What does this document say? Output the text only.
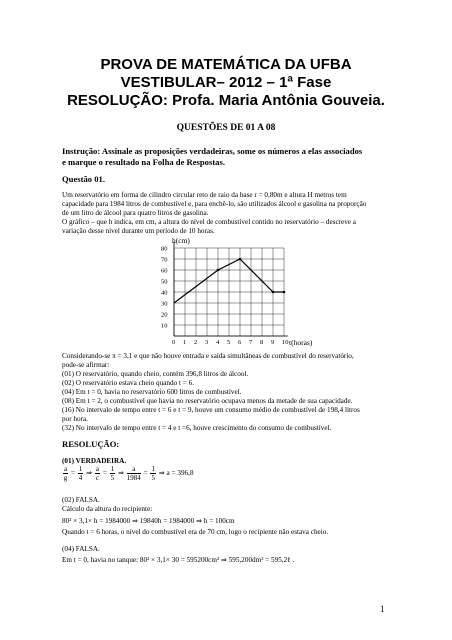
PROVA DE MATEMÁTICA DA UFBA
VESTIBULAR– 2012 – 1ª Fase
RESOLUÇÃO: Profa. Maria Antônia Gouveia.
QUESTÕES DE 01 A 08
Instrução: Assinale as proposições verdadeiras, some os números a elas associados
e marque o resultado na Folha de Respostas.
Questão 01.
Um reservatório em forma de cilindro circular reto de raio da base r = 0,80m e altura H metros tem
capacidade para 1984 litros de combustível e, para enchê-lo, são utilizados álcool e gasolina na proporção
de um litro de álcool para quatro litros de gasolina.
O gráfico – que h indica, em cm, a altura do nível de combustível contido no reservatório – descreve a
variação desse nível durante um período de 10 horas.
0 1 2 3 4 5 6 7 8 9 10
10
20
30
40
50
60
70
80
h(cm)
t(horas)
Considerando-se π = 3,1 e que não houve entrada e saída simultâneas de combustível do reservatório,
pode-se afirmar:
(01) O reservatório, quando cheio, contém 396,8 litros de álcool.
(02) O reservatório estava cheio quando t = 6.
(04) Em t = 0, havia no reservatório 600 litros de combustível.
(08) Em t = 2, o combustível que havia no reservatório ocupava menos da metade de sua capacidade.
(16) No intervalo de tempo entre t = 6 e t = 9, houve um consumo médio de combustível de 198,4 litros
por hora.
(32) No intervalo de tempo entre t = 4 e t =6, houve crescimento do consumo de combustível.
RESOLUÇÃO:
(01) VERDADEIRA.
$\frac{a}{g} = \frac{1}{4}$ ⇒ $\frac{a}{c} = \frac{1}{5}$ ⇒ $\frac{a}{1984} = \frac{1}{5}$ ⇒ a = 396,8
(02) FALSA.
Cálculo da altura do recipiente:
80² × 3,1× h = 1984000 ⇒ 19840h = 1984000 ⇒ h = 100cm
Quando t = 6 horas, o nível do combustível era de 70 cm, logo o recipiente não estava cheio.
(04) FALSA.
Em t = 0, havia no tanque: 80² × 3,1× 30 = 595200cm³ ⇒ 595,200dm³ = 595,2ℓ .
1
